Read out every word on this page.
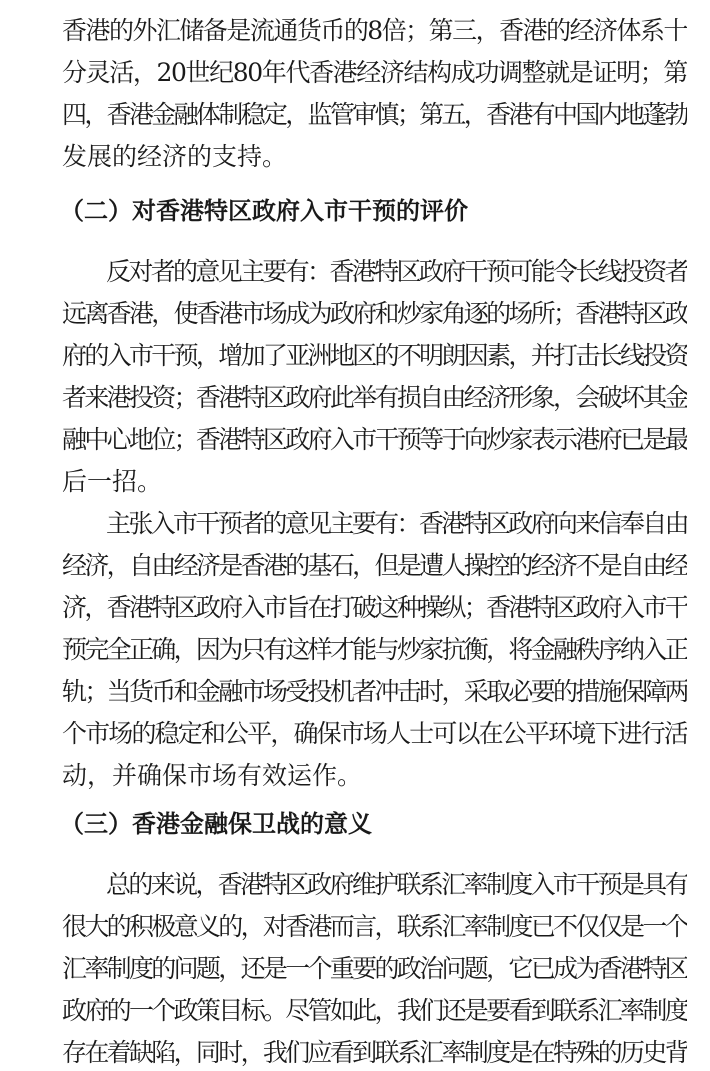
香港的外汇储备是流通货币的8倍；第三，香港的经济体系十
分灵活，20世纪80年代香港经济结构成功调整就是证明；第
四，香港金融体制稳定，监管审慎；第五，香港有中国内地蓬勃
发展的经济的支持。
（二）对香港特区政府入市干预的评价
反对者的意见主要有：香港特区政府干预可能令长线投资者
远离香港，使香港市场成为政府和炒家角逐的场所；香港特区政
府的入市干预，增加了亚洲地区的不明朗因素，并打击长线投资
者来港投资；香港特区政府此举有损自由经济形象，会破坏其金
融中心地位；香港特区政府入市干预等于向炒家表示港府已是最
后一招。
主张入市干预者的意见主要有：香港特区政府向来信奉自由
经济，自由经济是香港的基石，但是遭人操控的经济不是自由经
济，香港特区政府入市旨在打破这种操纵；香港特区政府入市干
预完全正确，因为只有这样才能与炒家抗衡，将金融秩序纳入正
轨；当货币和金融市场受投机者冲击时，采取必要的措施保障两
个市场的稳定和公平，确保市场人士可以在公平环境下进行活
动，并确保市场有效运作。
（三）香港金融保卫战的意义
总的来说，香港特区政府维护联系汇率制度入市干预是具有
很大的积极意义的，对香港而言，联系汇率制度已不仅仅是一个
汇率制度的问题，还是一个重要的政治问题，它已成为香港特区
政府的一个政策目标。尽管如此，我们还是要看到联系汇率制度
存在着缺陷，同时，我们应看到联系汇率制度是在特殊的历史背
